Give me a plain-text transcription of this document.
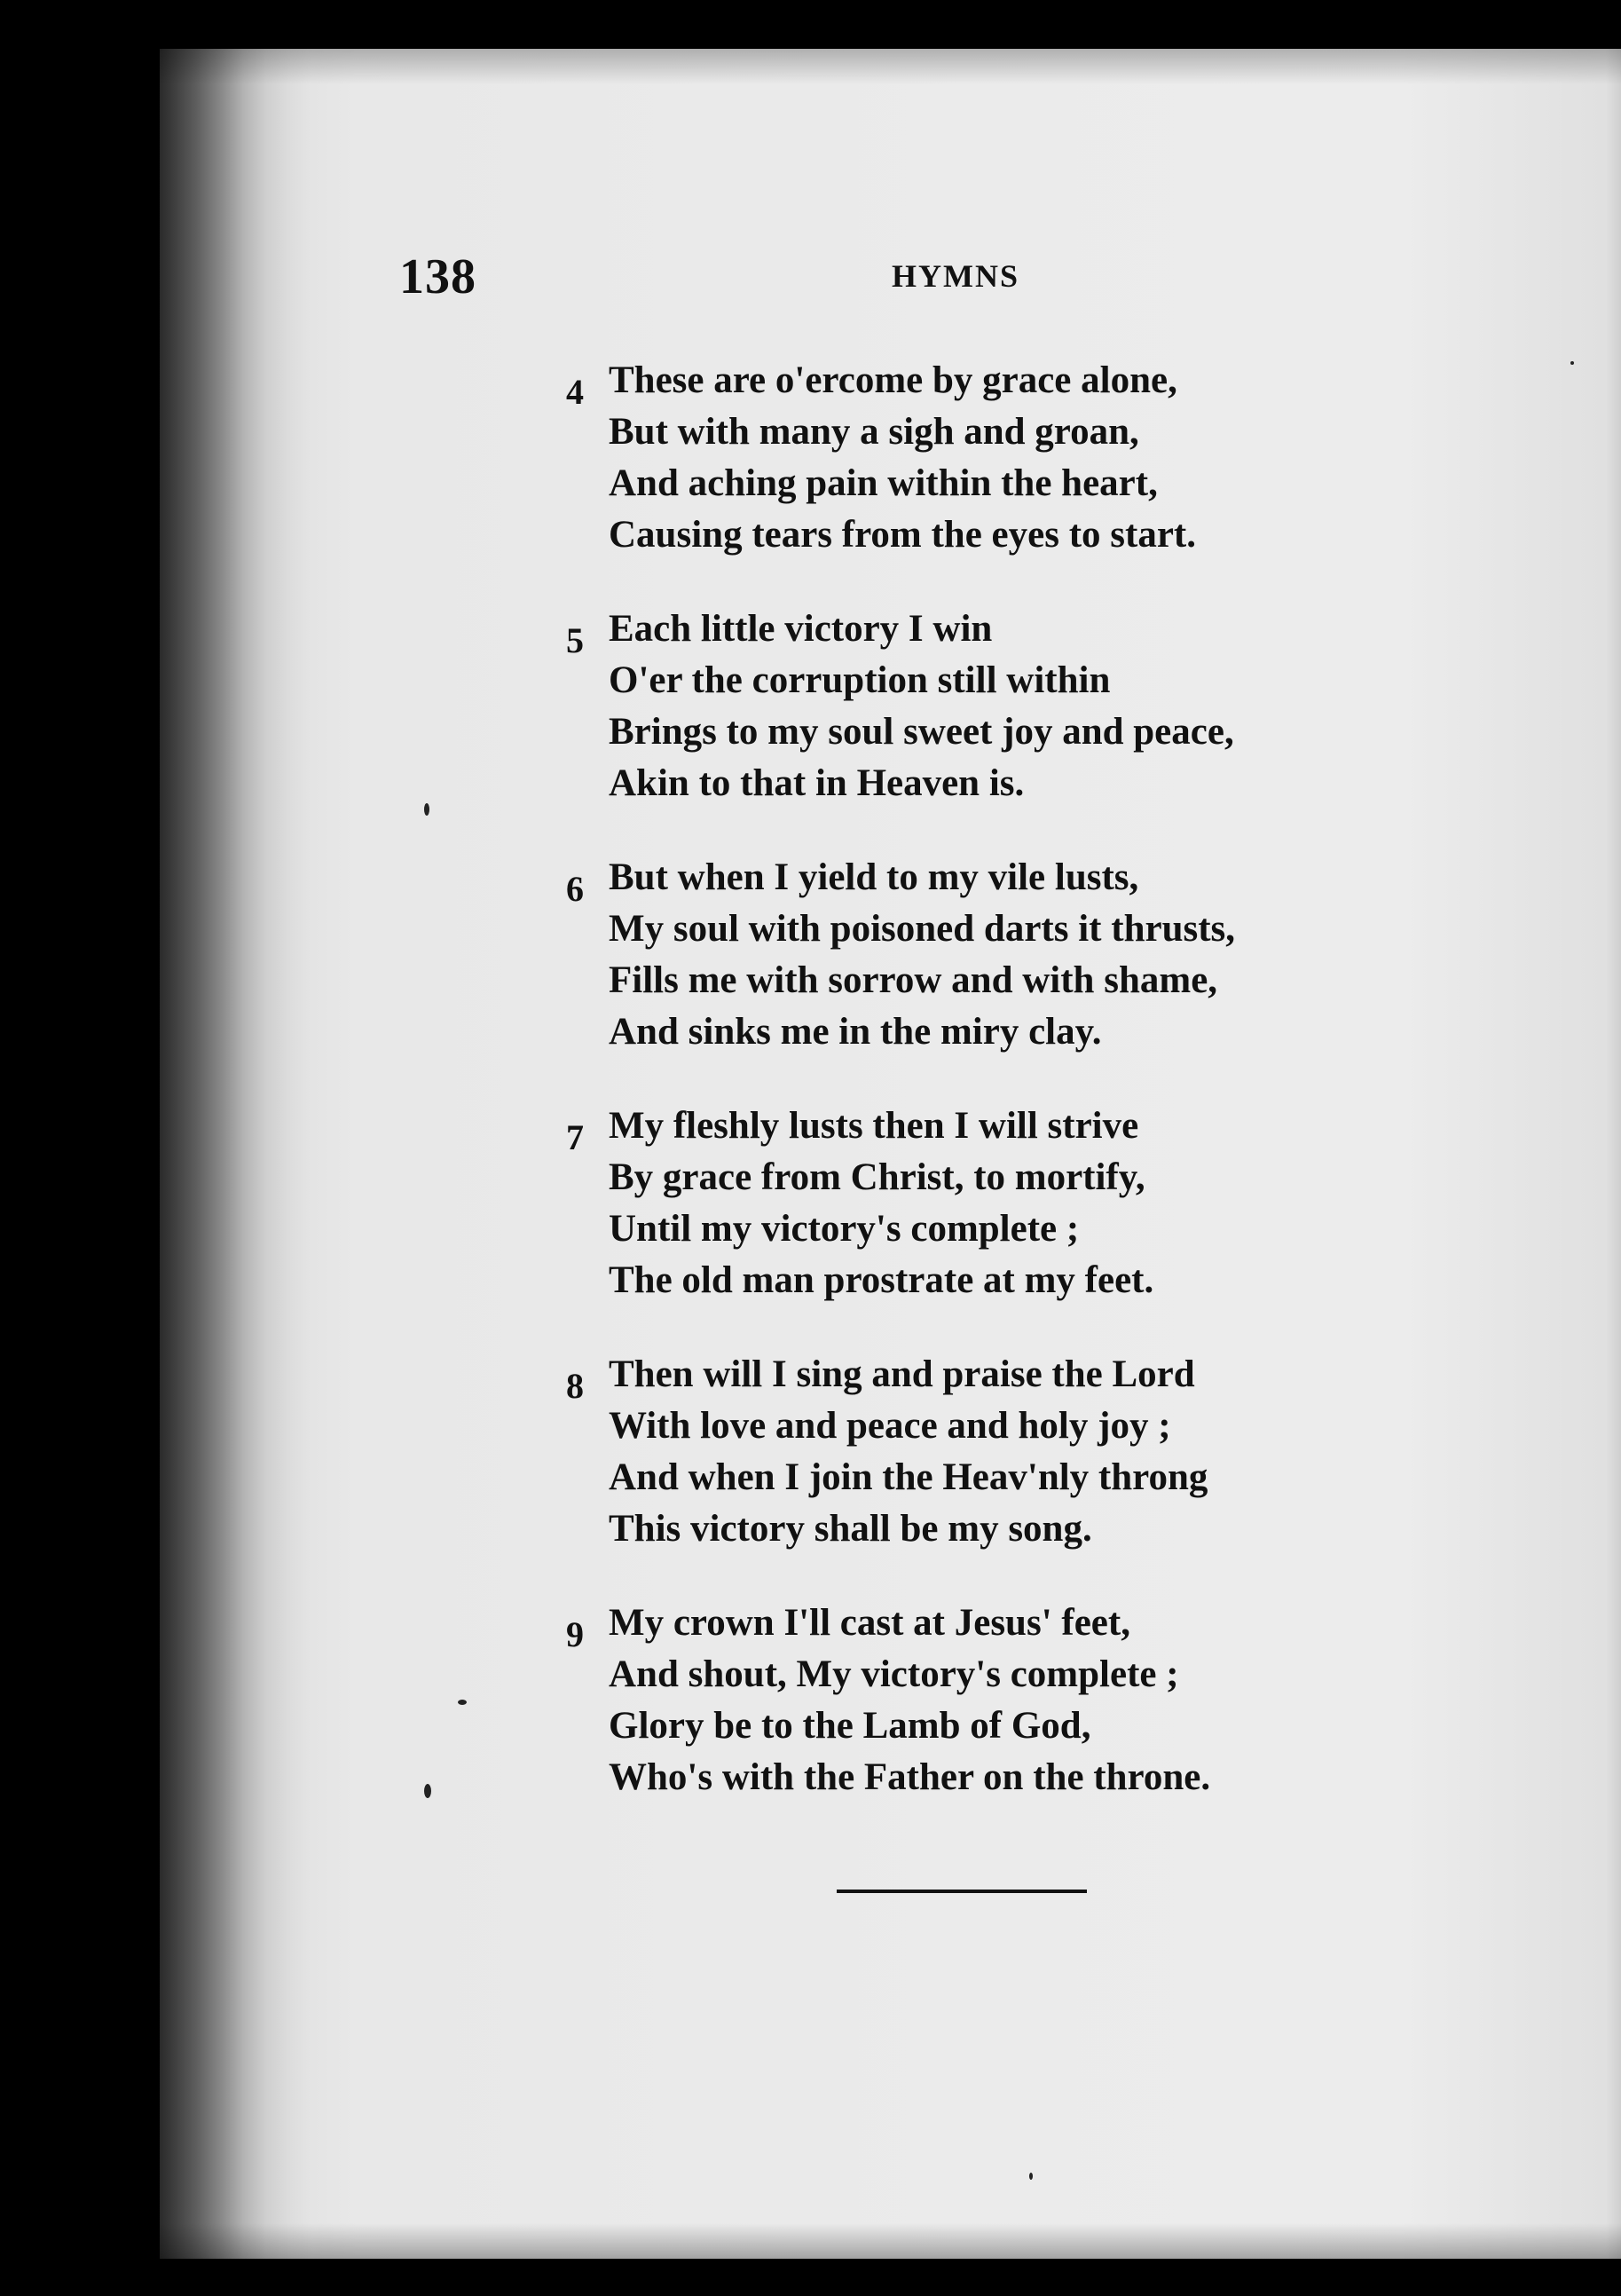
138	HYMNS
4 These are o'ercome by grace alone,
But with many a sigh and groan,
And aching pain within the heart,
Causing tears from the eyes to start.
5 Each little victory I win
O'er the corruption still within
Brings to my soul sweet joy and peace,
Akin to that in Heaven is.
6 But when I yield to my vile lusts,
My soul with poisoned darts it thrusts,
Fills me with sorrow and with shame,
And sinks me in the miry clay.
7 My fleshly lusts then I will strive
By grace from Christ, to mortify,
Until my victory's complete ;
The old man prostrate at my feet.
8 Then will I sing and praise the Lord
With love and peace and holy joy ;
And when I join the Heav'nly throng
This victory shall be my song.
9 My crown I'll cast at Jesus' feet,
And shout, My victory's complete ;
Glory be to the Lamb of God,
Who's with the Father on the throne.
